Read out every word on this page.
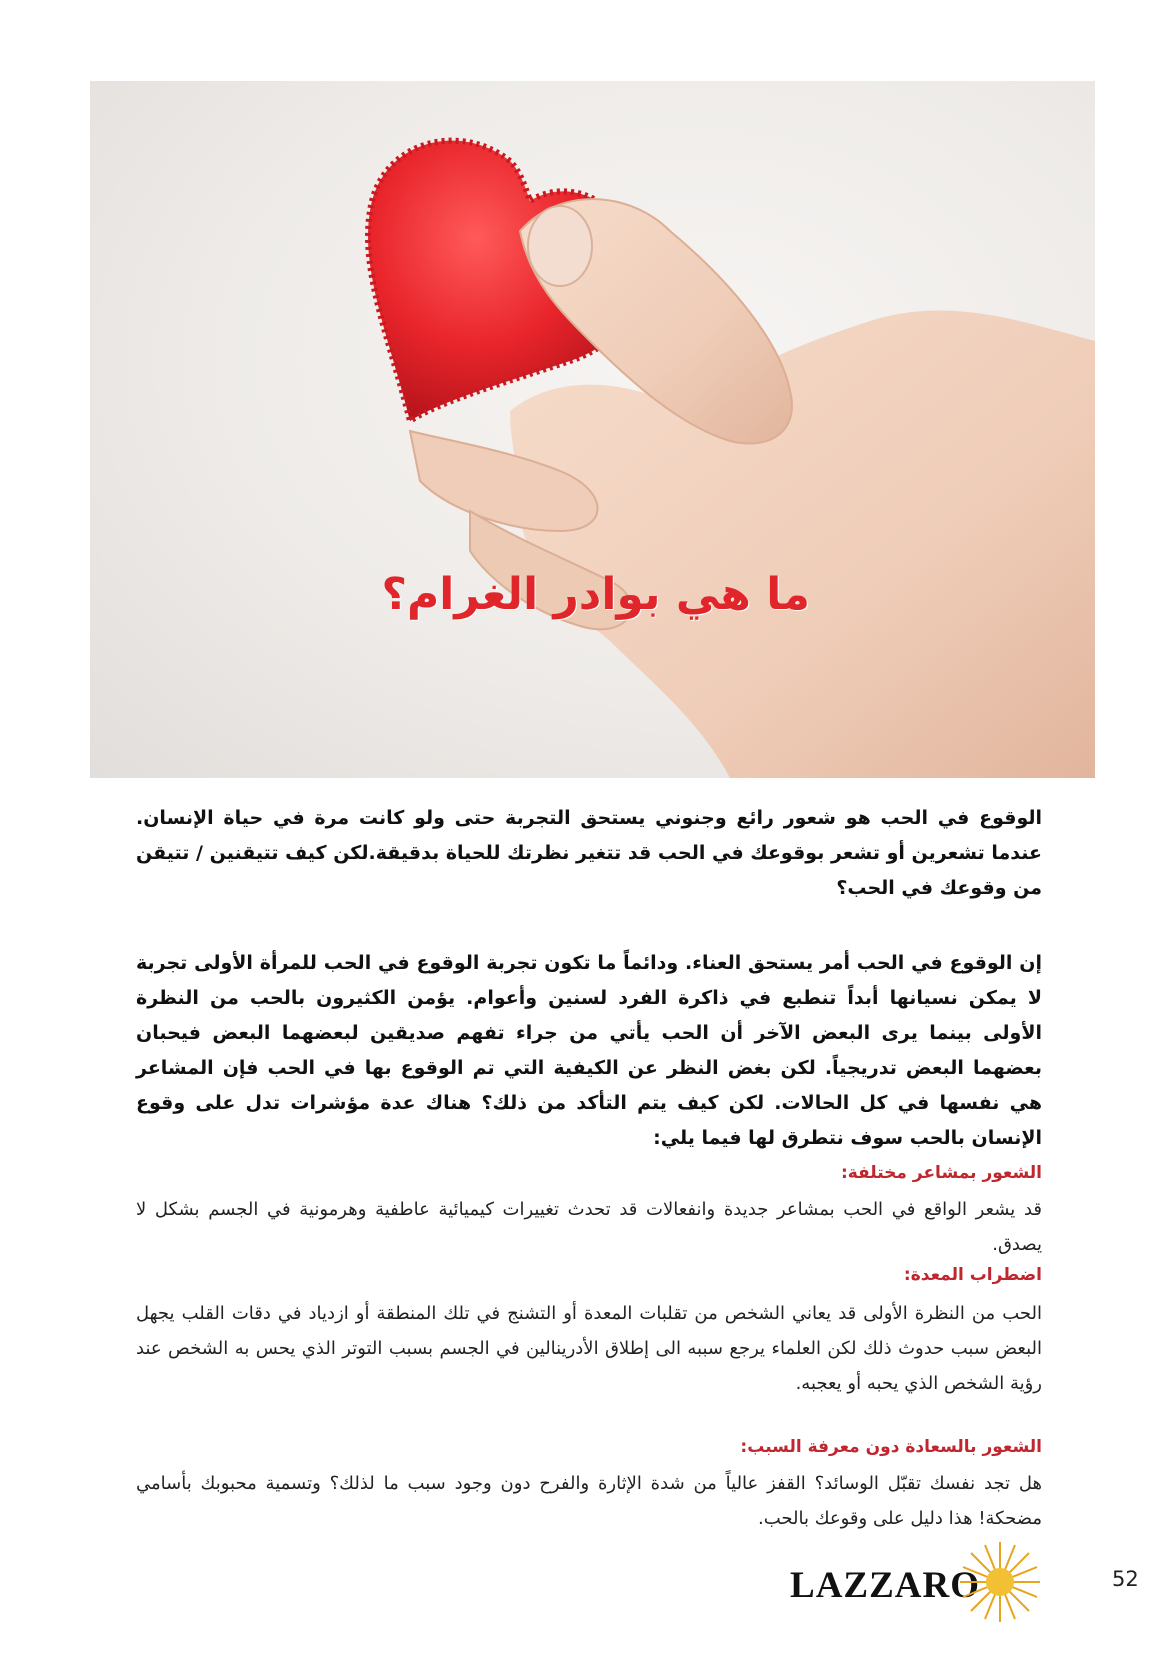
ما هي بوادر الغرام؟
الوقوع في الحب هو شعور رائع وجنوني يستحق التجربة حتى ولو كانت مرة في حياة الإنسان. عندما تشعرين أو تشعر بوقوعك في الحب قد تتغير نظرتك للحياة بدقيقة.لكن كيف تتيقنين / تتيقن من وقوعك في الحب؟
إن الوقوع في الحب أمر يستحق العناء. ودائماً ما تكون تجربة الوقوع في الحب للمرأة الأولى تجربة لا يمكن نسيانها أبداً تنطبع في ذاكرة الفرد لسنين وأعوام. يؤمن الكثيرون بالحب من النظرة الأولى بينما يرى البعض الآخر أن الحب يأتي من جراء تفهم صديقين لبعضهما البعض فيحبان بعضهما البعض تدريجياً. لكن بغض النظر عن الكيفية التي تم الوقوع بها في الحب فإن المشاعر هي نفسها في كل الحالات. لكن كيف يتم التأكد من ذلك؟ هناك عدة مؤشرات تدل على وقوع الإنسان بالحب سوف نتطرق لها فيما يلي:
الشعور بمشاعر مختلفة:
قد يشعر الواقع في الحب بمشاعر جديدة وانفعالات قد تحدث تغييرات كيميائية عاطفية وهرمونية في الجسم بشكل لا يصدق.
اضطراب المعدة:
الحب من النظرة الأولى قد يعاني الشخص من تقلبات المعدة أو التشنج في تلك المنطقة أو ازدياد في دقات القلب يجهل البعض سبب حدوث ذلك لكن العلماء يرجع سببه الى إطلاق الأدرينالين في الجسم بسبب التوتر الذي يحس به الشخص عند رؤية الشخص الذي يحبه أو يعجبه.
الشعور بالسعادة دون معرفة السبب:
هل تجد نفسك تقبّل الوسائد؟ القفز عالياً من شدة الإثارة والفرح دون وجود سبب ما لذلك؟ وتسمية محبوبك بأسامي مضحكة! هذا دليل على وقوعك بالحب.
LAZZARO	52
